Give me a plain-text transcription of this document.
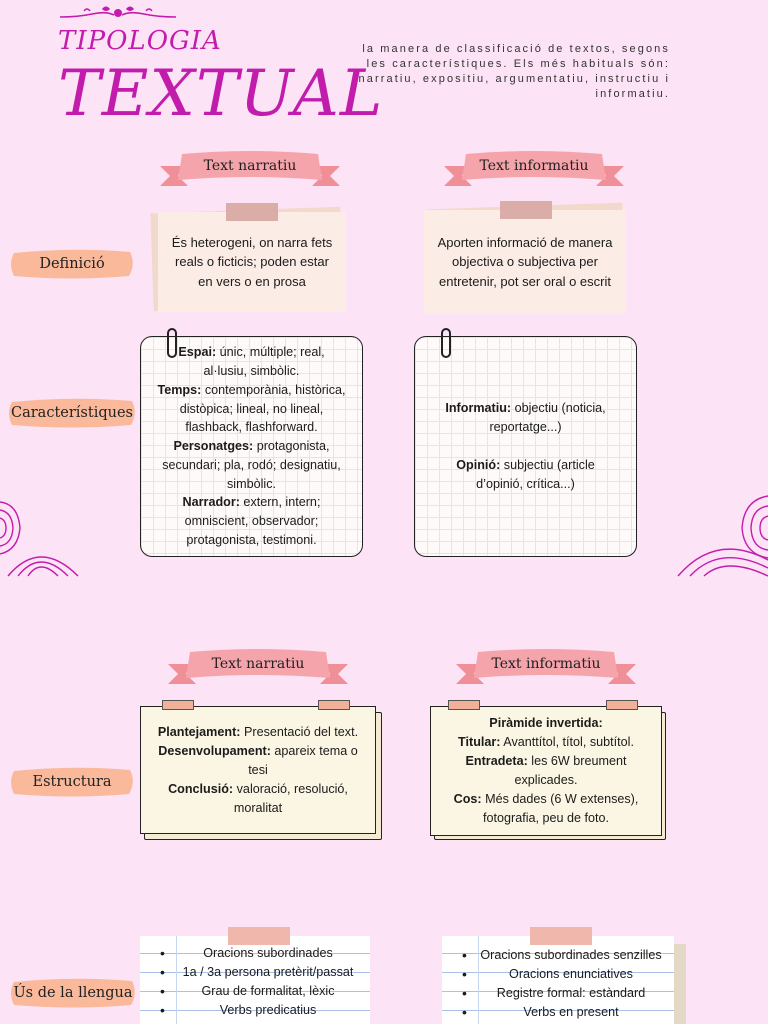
TIPOLOGIA
TEXTUAL
la manera de classificació de textos, segons les característiques. Els més habituals són: narratiu, expositiu, argumentatiu, instructiu i informatiu.
Text narratiu	Text informatiu
Definició
Característiques
Estructura
Ús de la llengua
És heterogeni, on narra fets reals o ficticis; poden estar en vers o en prosa
Aporten informació de manera objectiva o subjectiva per entretenir, pot ser oral o escrit

Espai: únic, múltiple; real, al·lusiu, simbòlic.

Temps: contemporània, històrica, distòpica; lineal, no lineal, flashback, flashforward.

Personatges: protagonista, secundari; pla, rodó; designatiu, simbòlic.

Narrador: extern, intern; omniscient, observador; protagonista, testimoni.

Informatiu: objectiu (noticia, reportatge...)

Opinió: subjectiu (article d’opinió, crítica...)

Text narratiu	Text informatiu

Plantejament: Presentació del text.

Desenvolupament: apareix tema o tesi

Conclusió: valoració, resolució, moralitat

Piràmide invertida:

Titular: Avanttítol, títol, subtítol.

Entradeta: les 6W breument explicades.

Cos: Més dades (6 W extenses), fotografia, peu de foto.

• Oracions subordinades
• 1a / 3a persona pretèrit/passat
• Grau de formalitat, lèxic
• Verbs predicatius
• Oracions subordinades senzilles
• Oracions enunciatives
• Registre formal: estàndard
• Verbs en present
